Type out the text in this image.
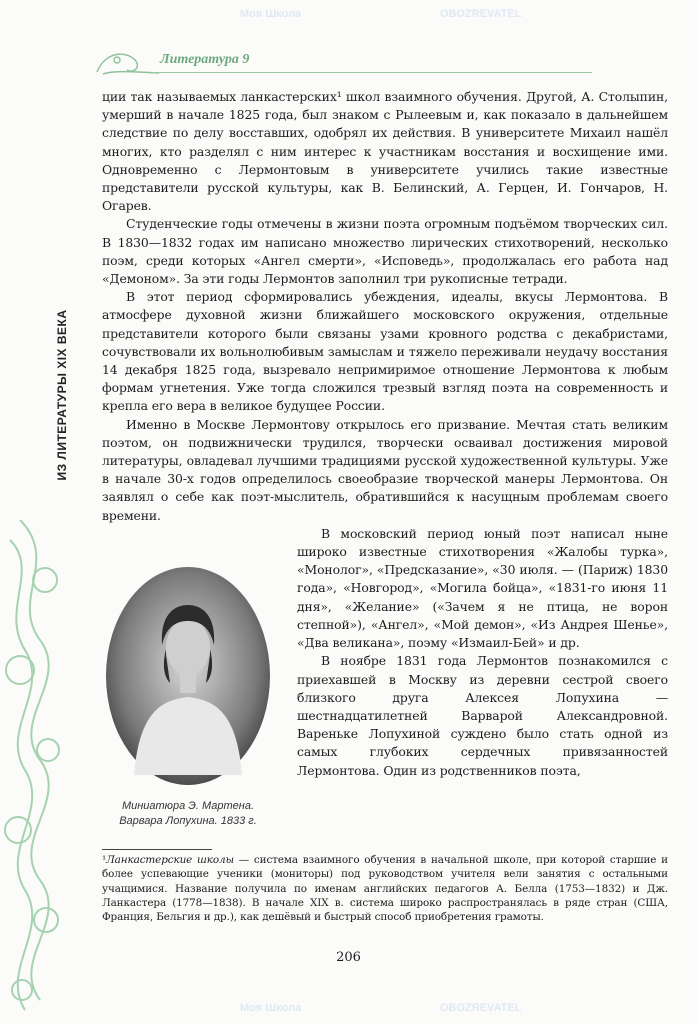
Литература 9
ИЗ ЛИТЕРАТУРЫ XIX ВЕКА

ции так называемых ланкастерских¹ школ взаимного обучения. Другой, А. Столыпин, умерший в начале 1825 года, был знаком с Рылеевым и, как показало в дальнейшем следствие по делу восставших, одобрял их действия. В университете Михаил нашёл многих, кто разделял с ним интерес к участникам восстания и восхищение ими. Одновременно с Лермонтовым в университете учились такие известные представители русской культуры, как В. Белинский, А. Герцен, И. Гончаров, Н. Огарев.

Студенческие годы отмечены в жизни поэта огромным подъёмом творческих сил. В 1830—1832 годах им написано множество лирических стихотворений, несколько поэм, среди которых «Ангел смерти», «Исповедь», продолжалась его работа над «Демоном». За эти годы Лермонтов заполнил три рукописные тетради.

В этот период сформировались убеждения, идеалы, вкусы Лермонтова. В атмосфере духовной жизни ближайшего московского окружения, отдельные представители которого были связаны узами кровного родства с декабристами, сочувствовали их вольнолюбивым замыслам и тяжело переживали неудачу восстания 14 декабря 1825 года, вызревало непримиримое отношение Лермонтова к любым формам угнетения. Уже тогда сложился трезвый взгляд поэта на современность и крепла его вера в великое будущее России.

Именно в Москве Лермонтову открылось его призвание. Мечтая стать великим поэтом, он подвижнически трудился, творчески осваивал достижения мировой литературы, овладевал лучшими традициями русской художественной культуры. Уже в начале 30-х годов определилось своеобразие творческой манеры Лермонтова. Он заявлял о себе как поэт-мыслитель, обратившийся к насущным проблемам своего времени.

В московский период юный поэт написал ныне широко известные стихотворения «Жалобы турка», «Монолог», «Предсказание», «30 июля. — (Париж) 1830 года», «Новгород», «Могила бойца», «1831-го июня 11 дня», «Желание» («Зачем я не птица, не ворон степной»), «Ангел», «Мой демон», «Из Андрея Шенье», «Два великана», поэму «Измаил-Бей» и др.

В ноябре 1831 года Лермонтов познакомился с приехавшей в Москву из деревни сестрой своего близкого друга Алексея Лопухина — шестнадцатилетней Варварой Александровной. Вареньке Лопухиной суждено было стать одной из самых глубоких сердечных привязанностей Лермонтова. Один из родственников поэта,

Миниатюра Э. Мартена.
Варвара Лопухина. 1833 г.
¹Ланкастерские школы — система взаимного обучения в начальной школе, при которой старшие и более успевающие ученики (мониторы) под руководством учителя вели занятия с остальными учащимися. Название получила по именам английских педагогов А. Белла (1753—1832) и Дж. Ланкастера (1778—1838). В начале XIX в. система широко распространялась в ряде стран (США, Франция, Бельгия и др.), как дешёвый и быстрый способ приобретения грамоты.
206
Моя Школа	OBOZREVATEL
Моя Школа	OBOZREVATEL
